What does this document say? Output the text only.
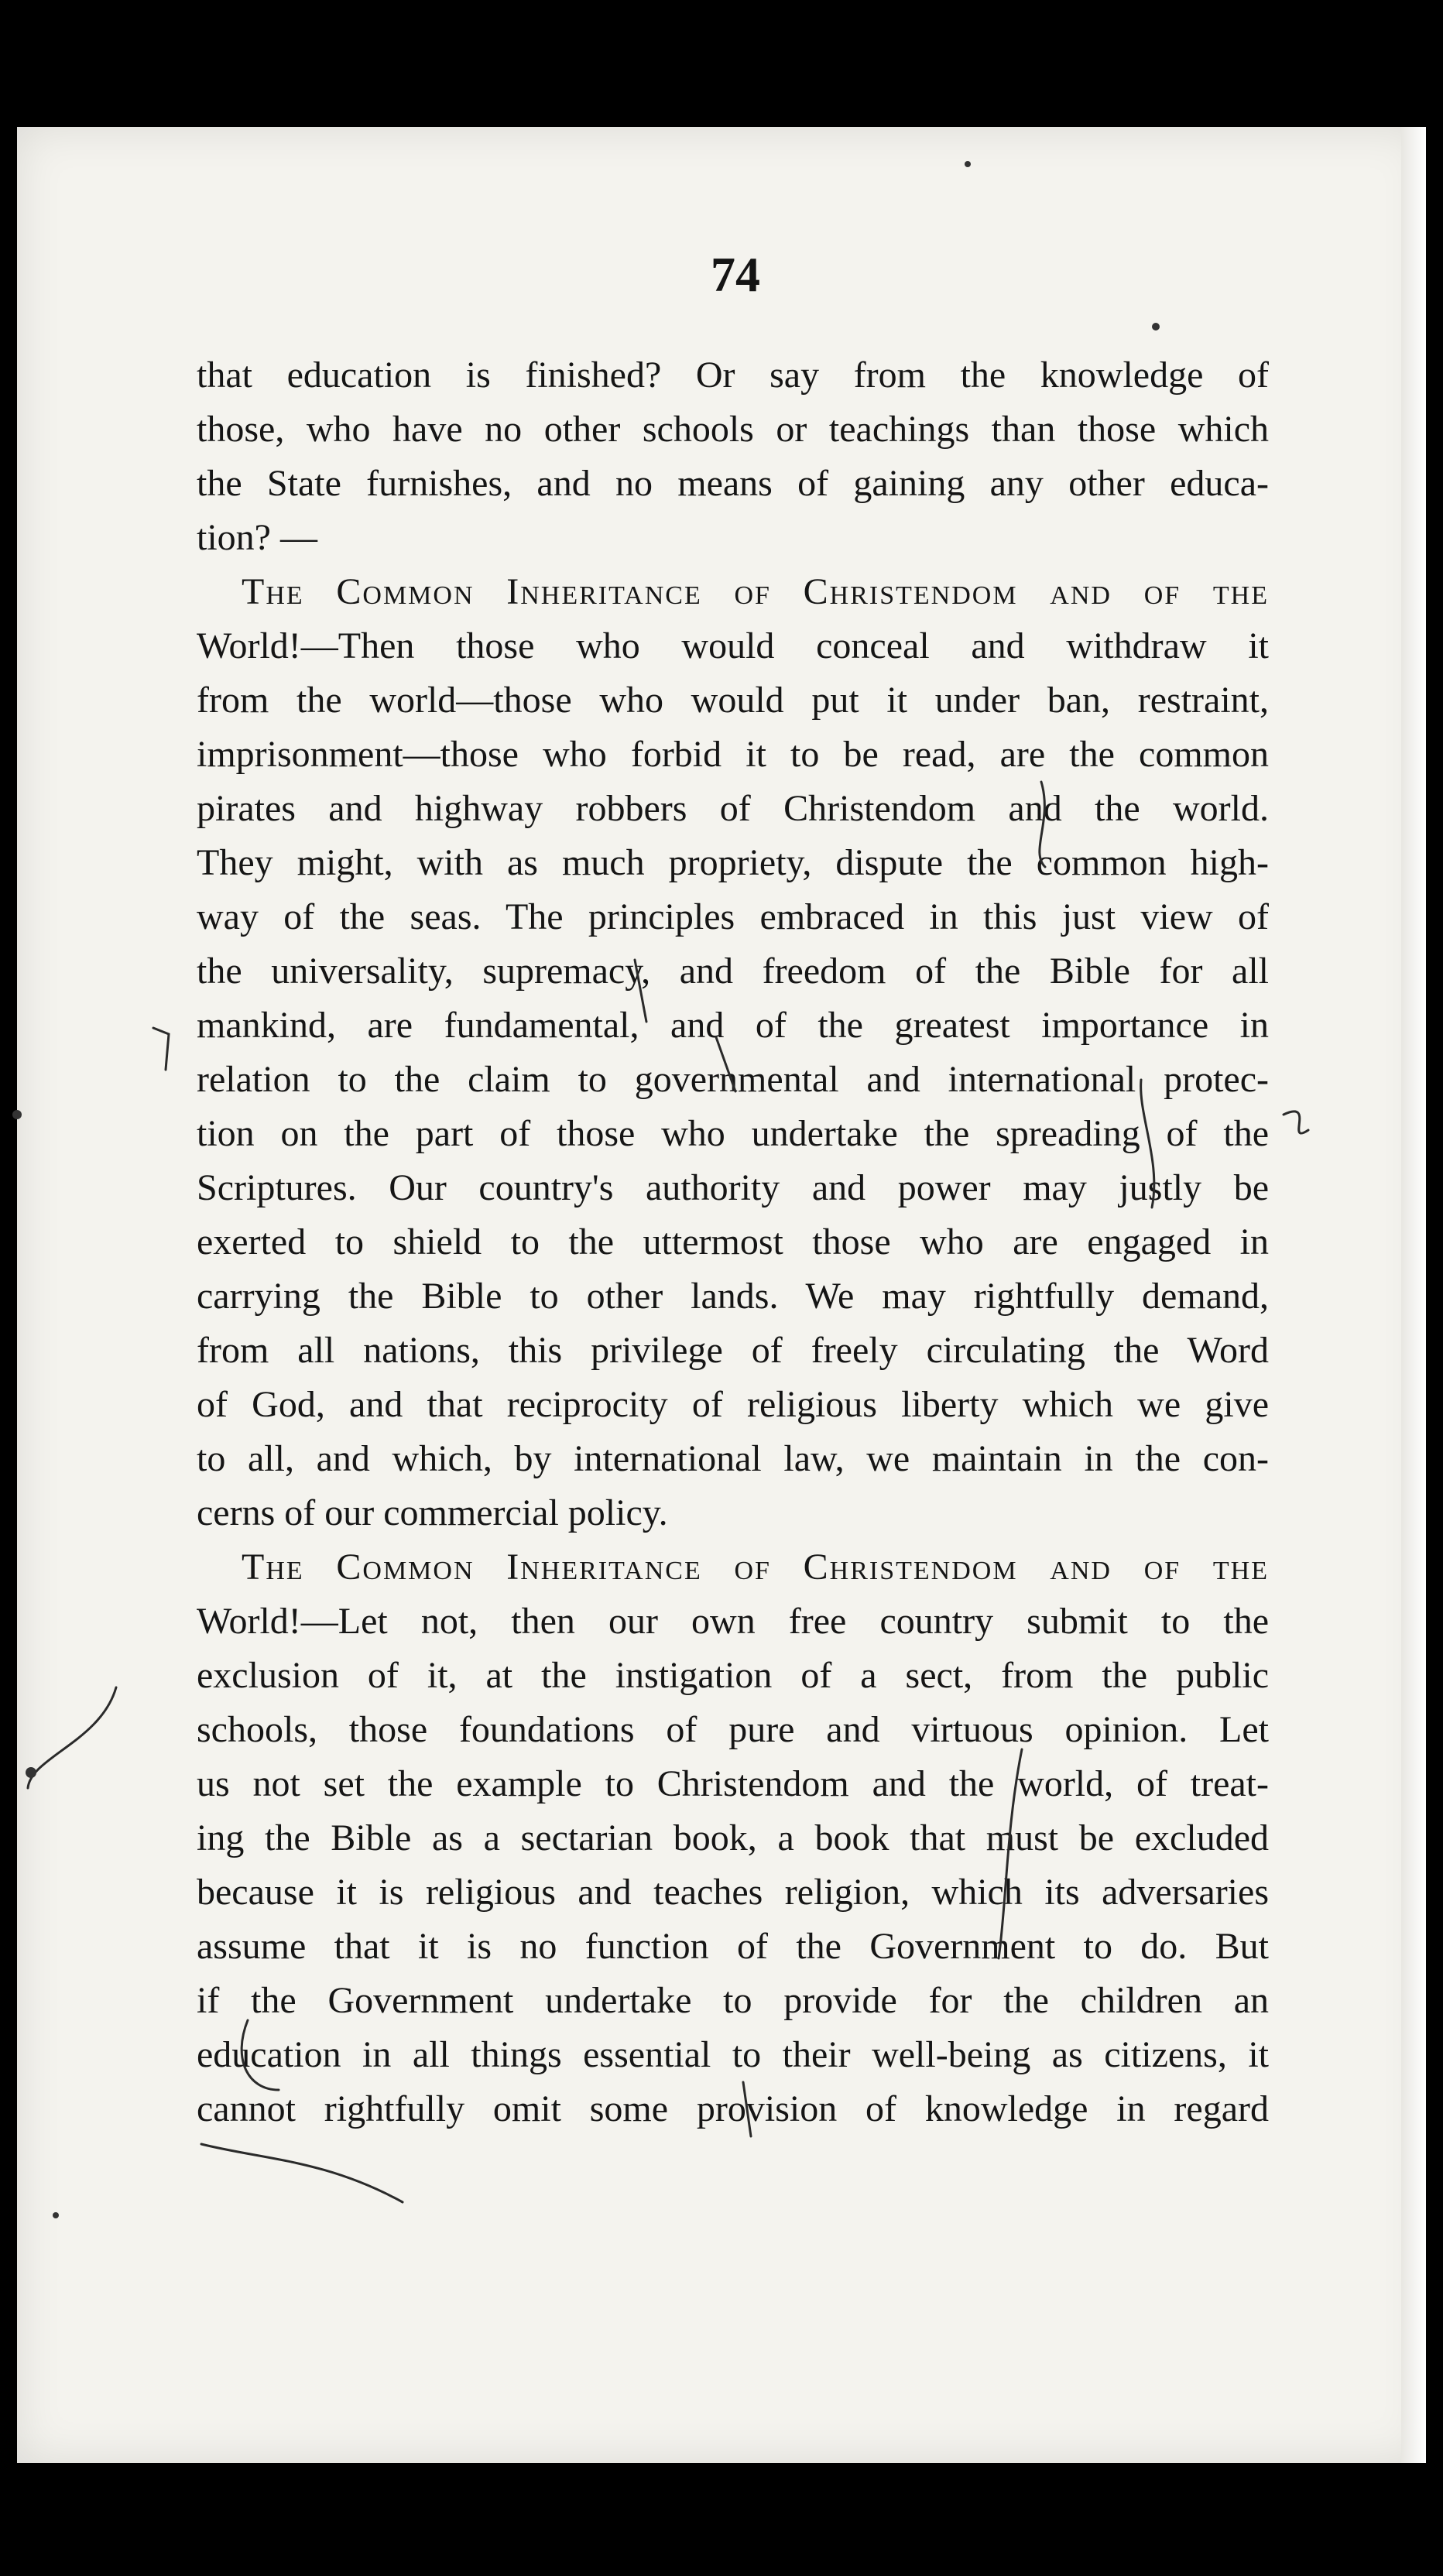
74
that education is finished? Or say from the knowledge of
those, who have no other schools or teachings than those which
the State furnishes, and no means of gaining any other educa-
tion? —
The Common Inheritance of Christendom and of the
World!—Then those who would conceal and withdraw it
from the world—those who would put it under ban, restraint,
imprisonment—those who forbid it to be read, are the common
pirates and highway robbers of Christendom and the world.
They might, with as much propriety, dispute the common high-
way of the seas. The principles embraced in this just view of
the universality, supremacy, and freedom of the Bible for all
mankind, are fundamental, and of the greatest importance in
relation to the claim to governmental and international protec-
tion on the part of those who undertake the spreading of the
Scriptures. Our country's authority and power may justly be
exerted to shield to the uttermost those who are engaged in
carrying the Bible to other lands. We may rightfully demand,
from all nations, this privilege of freely circulating the Word
of God, and that reciprocity of religious liberty which we give
to all, and which, by international law, we maintain in the con-
cerns of our commercial policy.
The Common Inheritance of Christendom and of the
World!—Let not, then our own free country submit to the
exclusion of it, at the instigation of a sect, from the public
schools, those foundations of pure and virtuous opinion. Let
us not set the example to Christendom and the world, of treat-
ing the Bible as a sectarian book, a book that must be excluded
because it is religious and teaches religion, which its adversaries
assume that it is no function of the Government to do. But
if the Government undertake to provide for the children an
education in all things essential to their well-being as citizens, it
cannot rightfully omit some provision of knowledge in regard
